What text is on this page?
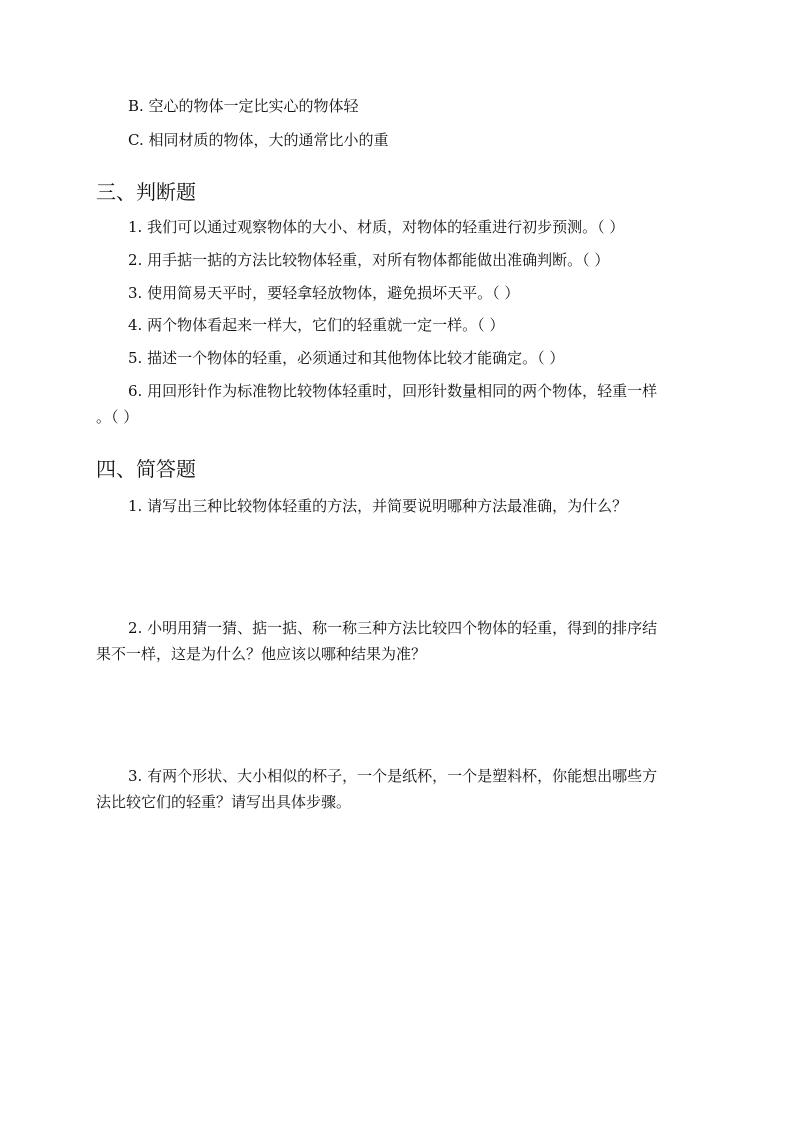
B. 空心的物体一定比实心的物体轻
C. 相同材质的物体，大的通常比小的重
三、判断题
1. 我们可以通过观察物体的大小、材质，对物体的轻重进行初步预测。（ ）
2. 用手掂一掂的方法比较物体轻重，对所有物体都能做出准确判断。（ ）
3. 使用简易天平时，要轻拿轻放物体，避免损坏天平。（ ）
4. 两个物体看起来一样大，它们的轻重就一定一样。（ ）
5. 描述一个物体的轻重，必须通过和其他物体比较才能确定。（ ）
6. 用回形针作为标准物比较物体轻重时，回形针数量相同的两个物体，轻重一样
。（ ）
四、简答题
1. 请写出三种比较物体轻重的方法，并简要说明哪种方法最准确，为什么？
2. 小明用猜一猜、掂一掂、称一称三种方法比较四个物体的轻重，得到的排序结
果不一样，这是为什么？他应该以哪种结果为准？
3. 有两个形状、大小相似的杯子，一个是纸杯，一个是塑料杯，你能想出哪些方
法比较它们的轻重？请写出具体步骤。
